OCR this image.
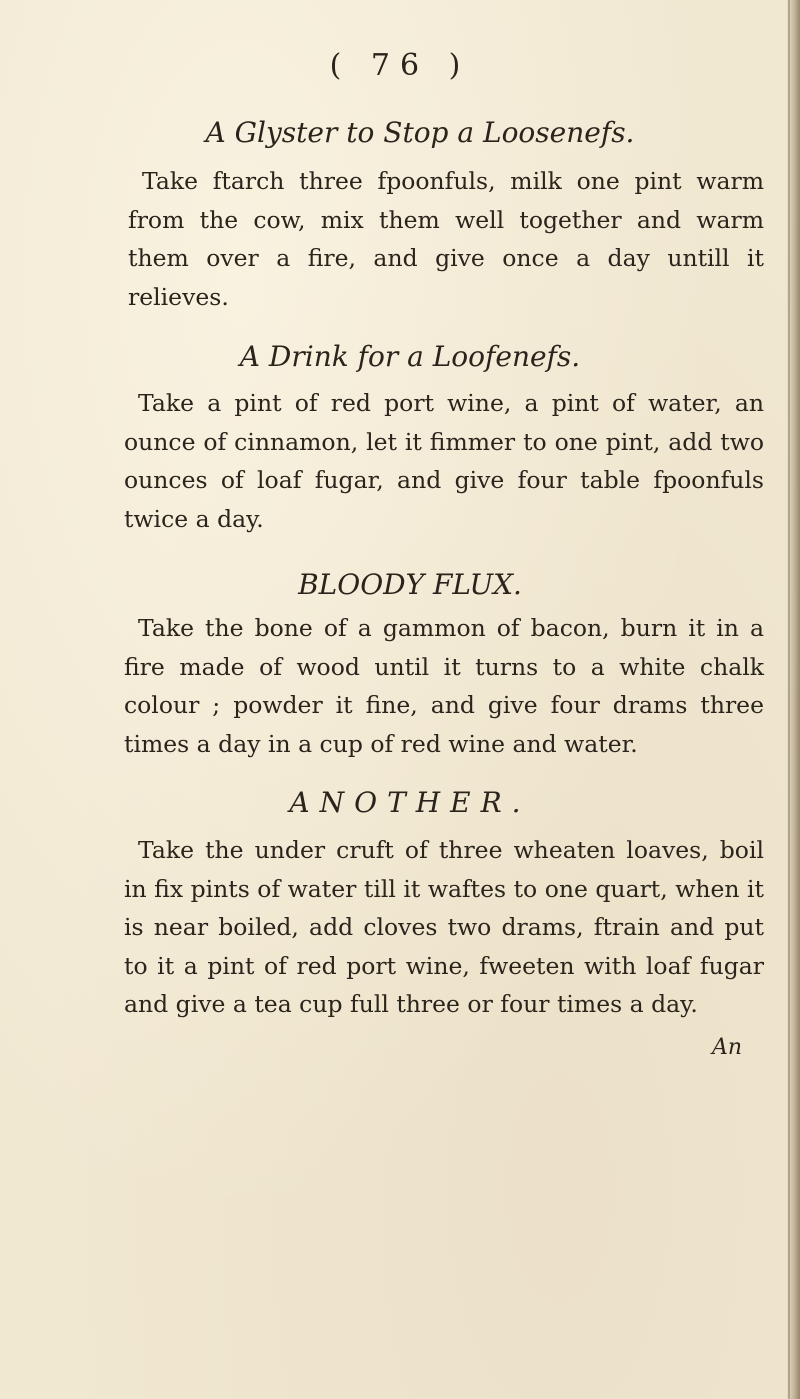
( 76 )
A Glyster to Stop a Loosenefs.
Take ftarch three fpoonfuls, milk one pint warm from the cow, mix them well together and warm them over a fire, and give once a day untill it relieves.
A Drink for a Loofenefs.
Take a pint of red port wine, a pint of water, an ounce of cinnamon, let it fimmer to one pint, add two ounces of loaf fugar, and give four table fpoonfuls twice a day.
BLOODY FLUX.
Take the bone of a gammon of bacon, burn it in a fire made of wood until it turns to a white chalk colour ; powder it fine, and give four drams three times a day in a cup of red wine and water.
ANOTHER.
Take the under cruft of three wheaten loaves, boil in fix pints of water till it waftes to one quart, when it is near boiled, add cloves two drams, ftrain and put to it a pint of red port wine, fweeten with loaf fugar and give a tea cup full three or four times a day.
An
